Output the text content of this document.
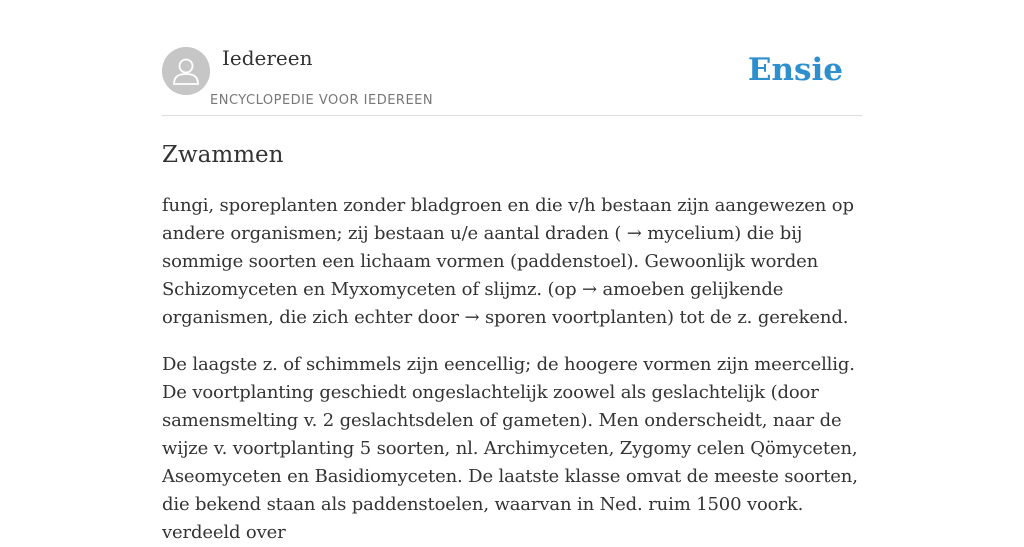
Iedereen
ENCYCLOPEDIE VOOR IEDEREEN
Ensie
Zwammen

fungi, sporeplanten zonder bladgroen en die v/h bestaan zijn aangewezen op andere organismen; zij bestaan u/e aantal draden ( → mycelium) die bij sommige soorten een lichaam vormen (paddenstoel). Gewoonlijk worden Schizomyceten en Myxomyceten of slijmz. (op → amoeben gelijkende organismen, die zich echter door → sporen voortplanten) tot de z. gerekend.

De laagste z. of schimmels zijn eencellig; de hoogere vormen zijn meercellig. De voortplanting geschiedt ongeslachtelijk zoowel als geslachtelijk (door samensmelting v. 2 geslachtsdelen of gameten). Men onderscheidt, naar de wijze v. voortplanting 5 soorten, nl. Archimyceten, Zygomy celen Qömyceten, Aseomyceten en Basidiomyceten. De laatste klasse omvat de meeste soorten, die bekend staan als paddenstoelen, waarvan in Ned. ruim 1500 voork. verdeeld over
